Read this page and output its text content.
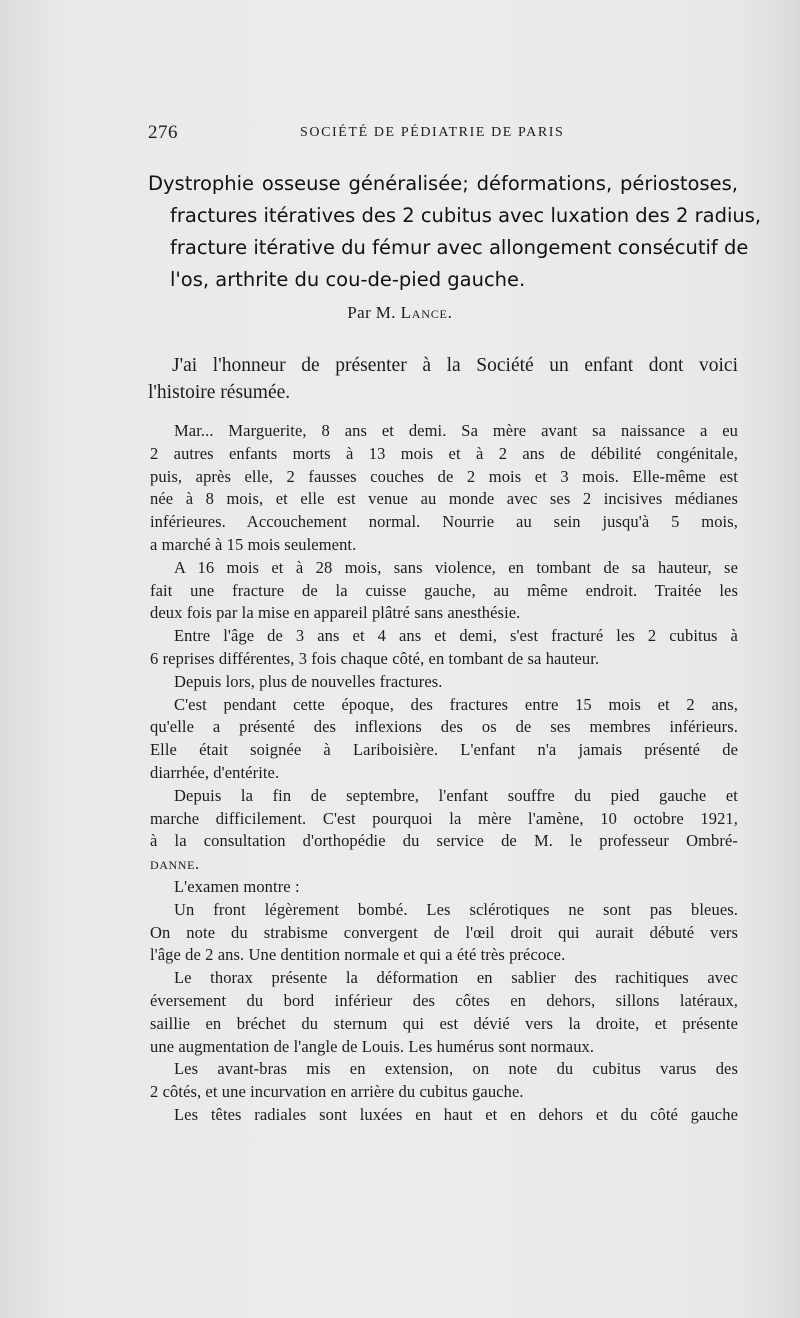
276	SOCIÉTÉ DE PÉDIATRIE DE PARIS
Dystrophie osseuse généralisée; déformations, périostoses,
fractures itératives des 2 cubitus avec luxation des 2 radius,
fracture itérative du fémur avec allongement consécutif de
l'os, arthrite du cou-de-pied gauche.
Par M. Lance.
J'ai l'honneur de présenter à la Société un enfant dont voici
l'histoire résumée.
Mar... Marguerite, 8 ans et demi. Sa mère avant sa naissance a eu
2 autres enfants morts à 13 mois et à 2 ans de débilité congénitale,
puis, après elle, 2 fausses couches de 2 mois et 3 mois. Elle-même est
née à 8 mois, et elle est venue au monde avec ses 2 incisives médianes
inférieures. Accouchement normal. Nourrie au sein jusqu'à 5 mois,
a marché à 15 mois seulement.
A 16 mois et à 28 mois, sans violence, en tombant de sa hauteur, se
fait une fracture de la cuisse gauche, au même endroit. Traitée les
deux fois par la mise en appareil plâtré sans anesthésie.
Entre l'âge de 3 ans et 4 ans et demi, s'est fracturé les 2 cubitus à
6 reprises différentes, 3 fois chaque côté, en tombant de sa hauteur.
Depuis lors, plus de nouvelles fractures.
C'est pendant cette époque, des fractures entre 15 mois et 2 ans,
qu'elle a présenté des inflexions des os de ses membres inférieurs.
Elle était soignée à Lariboisière. L'enfant n'a jamais présenté de
diarrhée, d'entérite.
Depuis la fin de septembre, l'enfant souffre du pied gauche et
marche difficilement. C'est pourquoi la mère l'amène, 10 octobre 1921,
à la consultation d'orthopédie du service de M. le professeur Ombré-
danne.
L'examen montre :
Un front légèrement bombé. Les sclérotiques ne sont pas bleues.
On note du strabisme convergent de l'œil droit qui aurait débuté vers
l'âge de 2 ans. Une dentition normale et qui a été très précoce.
Le thorax présente la déformation en sablier des rachitiques avec
éversement du bord inférieur des côtes en dehors, sillons latéraux,
saillie en bréchet du sternum qui est dévié vers la droite, et présente
une augmentation de l'angle de Louis. Les humérus sont normaux.
Les avant-bras mis en extension, on note du cubitus varus des
2 côtés, et une incurvation en arrière du cubitus gauche.
Les têtes radiales sont luxées en haut et en dehors et du côté gauche
